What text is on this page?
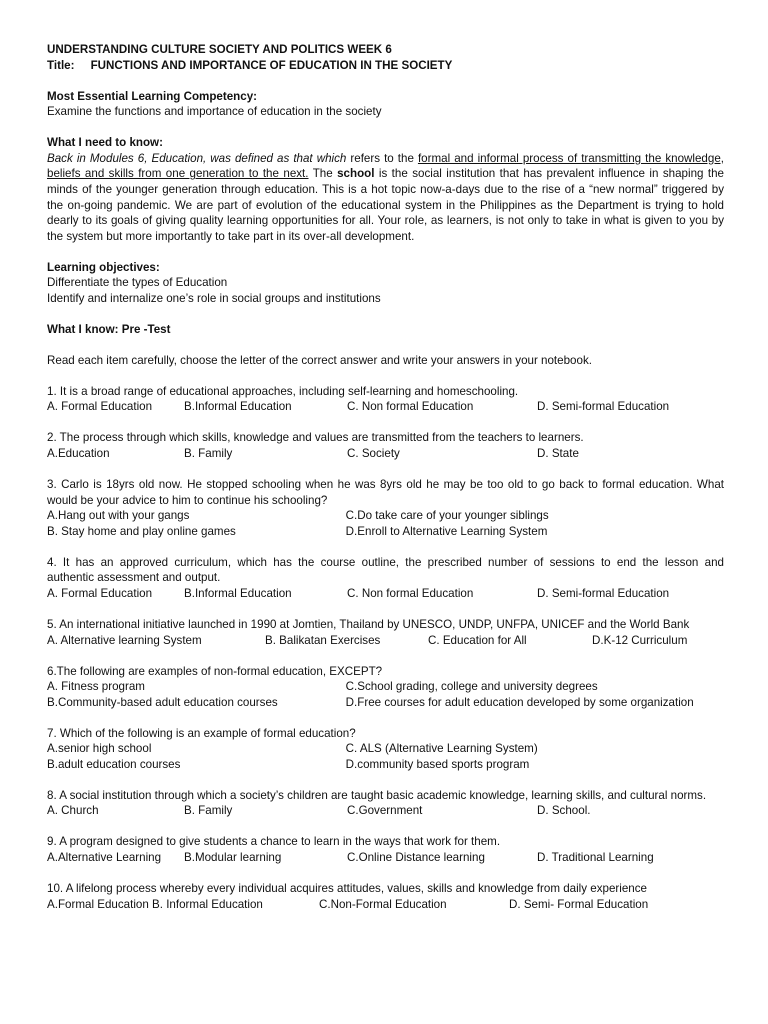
UNDERSTANDING CULTURE SOCIETY AND POLITICS WEEK 6
Title: FUNCTIONS AND IMPORTANCE OF EDUCATION IN THE SOCIETY
Most Essential Learning Competency:
Examine the functions and importance of education in the society
What I need to know:
Back in Modules 6, Education, was defined as that which refers to the formal and informal process of transmitting the knowledge,
beliefs and skills from one generation to the next. The school is the social institution that has prevalent influence in shaping the
minds of the younger generation through education. This is a hot topic now-a-days due to the rise of a “new normal” triggered by
the on-going pandemic. We are part of evolution of the educational system in the Philippines as the Department is trying to hold
dearly to its goals of giving quality learning opportunities for all. Your role, as learners, is not only to take in what is given to you by
the system but more importantly to take part in its over-all development.
Learning objectives:
Differentiate the types of Education
Identify and internalize one’s role in social groups and institutions
What I know: Pre -Test
Read each item carefully, choose the letter of the correct answer and write your answers in your notebook.
1. It is a broad range of educational approaches, including self-learning and homeschooling.
A. Formal Education	B.Informal Education	C. Non formal Education	D. Semi-formal Education
2. The process through which skills, knowledge and values are transmitted from the teachers to learners.
A.Education	B. Family	C. Society	D. State
3. Carlo is 18yrs old now. He stopped schooling when he was 8yrs old he may be too old to go back to formal education. What
would be your advice to him to continue his schooling?
A.Hang out with your gangs	C.Do take care of your younger siblings
B. Stay home and play online games	D.Enroll to Alternative Learning System
4. It has an approved curriculum, which has the course outline, the prescribed number of sessions to end the lesson and
authentic assessment and output.
A. Formal Education	B.Informal Education	C. Non formal Education	D. Semi-formal Education
5. An international initiative launched in 1990 at Jomtien, Thailand by UNESCO, UNDP, UNFPA, UNICEF and the World Bank
A. Alternative learning System	B. Balikatan Exercises	C. Education for All	D.K-12 Curriculum
6.The following are examples of non-formal education, EXCEPT?
A. Fitness program	C.School grading, college and university degrees
B.Community-based adult education courses	D.Free courses for adult education developed by some organization
7. Which of the following is an example of formal education?
A.senior high school	C. ALS (Alternative Learning System)
B.adult education courses	D.community based sports program
8. A social institution through which a society’s children are taught basic academic knowledge, learning skills, and cultural norms.
A. Church	B. Family	C.Government	D. School.
9. A program designed to give students a chance to learn in the ways that work for them.
A.Alternative Learning	B.Modular learning	C.Online Distance learning	D. Traditional Learning
10. A lifelong process whereby every individual acquires attitudes, values, skills and knowledge from daily experience
A.Formal Education B. Informal Education	C.Non-Formal Education	D. Semi- Formal Education
